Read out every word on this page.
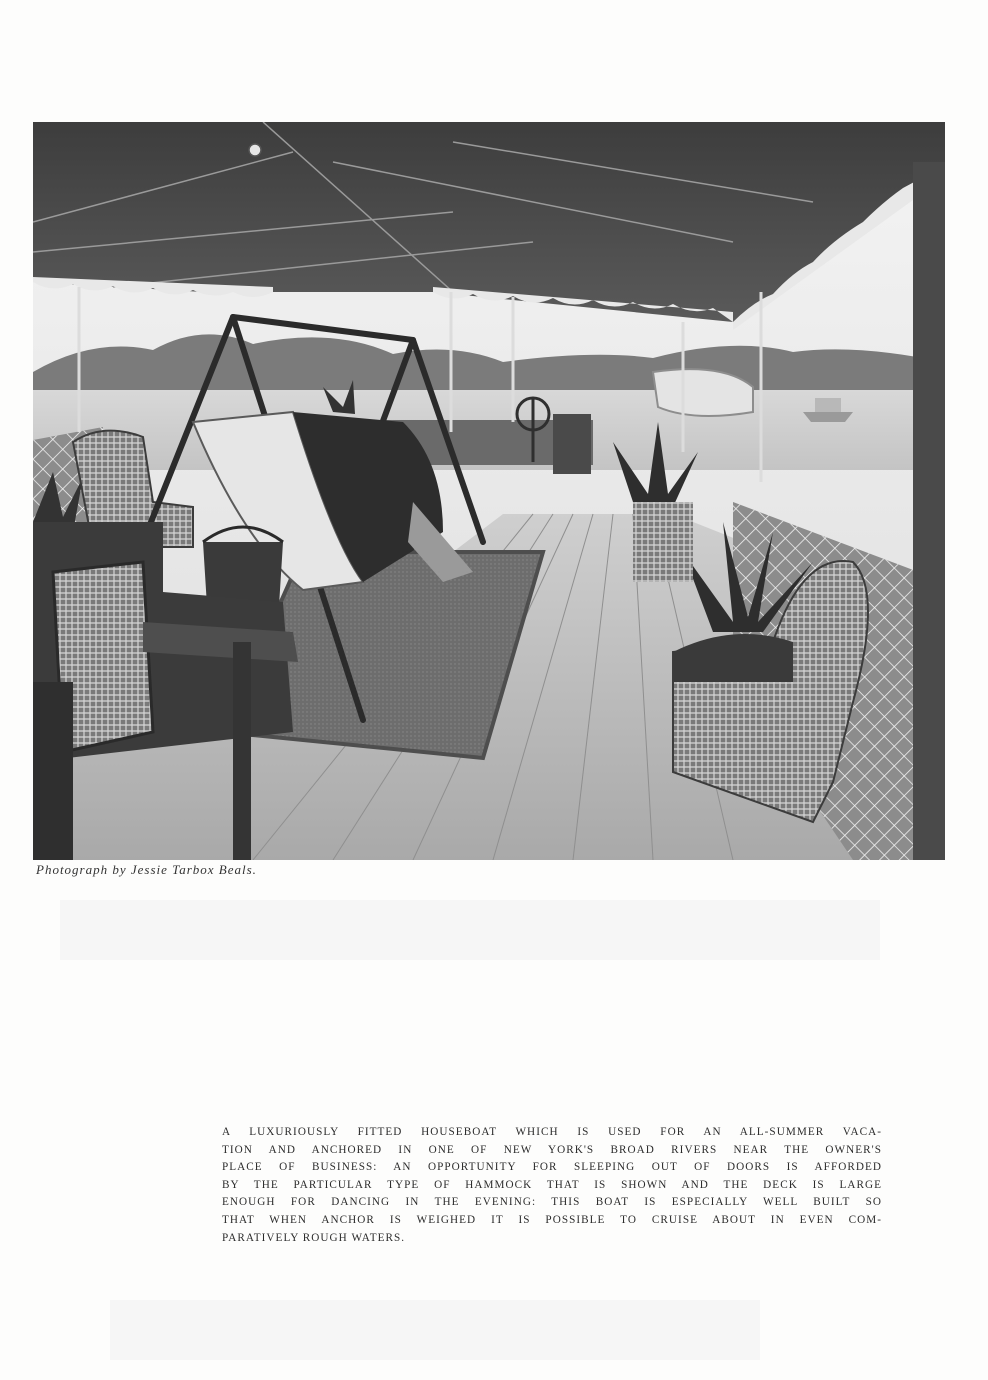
Photograph by Jessie Tarbox Beals.
A LUXURIOUSLY FITTED HOUSEBOAT WHICH IS USED FOR AN ALL-SUMMER VACA-
TION AND ANCHORED IN ONE OF NEW YORK'S BROAD RIVERS NEAR THE OWNER'S
PLACE OF BUSINESS: AN OPPORTUNITY FOR SLEEPING OUT OF DOORS IS AFFORDED
BY THE PARTICULAR TYPE OF HAMMOCK THAT IS SHOWN AND THE DECK IS LARGE
ENOUGH FOR DANCING IN THE EVENING: THIS BOAT IS ESPECIALLY WELL BUILT SO
THAT WHEN ANCHOR IS WEIGHED IT IS POSSIBLE TO CRUISE ABOUT IN EVEN COM-
PARATIVELY ROUGH WATERS.
